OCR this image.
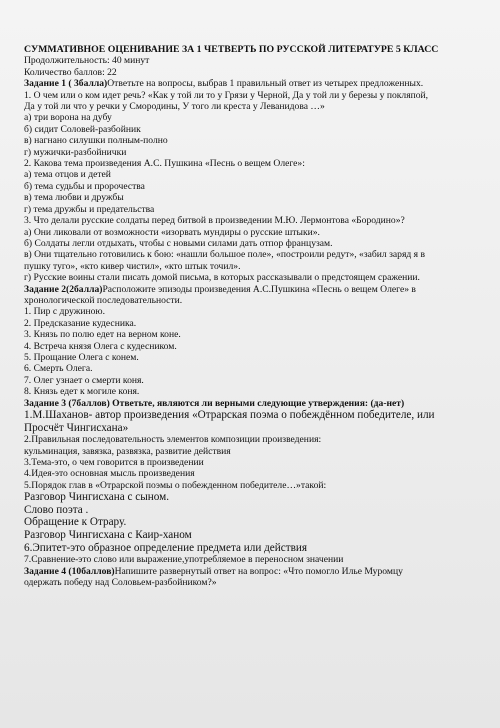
СУММАТИВНОЕ ОЦЕНИВАНИЕ ЗА 1 ЧЕТВЕРТЬ ПО РУССКОЙ ЛИТЕРАТУРЕ 5 КЛАСС
Продолжительность: 40 минут
Количество баллов: 22
Задание 1 ( 3балла)Ответьте на вопросы, выбрав 1 правильный ответ из четырех предложенных.
1. О чем или о ком идет речь? «Как у той ли то у Грязи у Черной, Да у той ли у березы у покляпой,
Да у той ли что у речки у Смородины, У того ли креста у Леванидова …»
а) три ворона на дубу
б) сидит Соловей-разбойник
в) нагнано силушки полным-полно
г) мужички-разбойнички
2. Какова тема произведения А.С. Пушкина «Песнь о вещем Олеге»:
а) тема отцов и детей
б) тема судьбы и пророчества
в) тема любви и дружбы
г) тема дружбы и предательства
3. Что делали русские солдаты перед битвой в произведении М.Ю. Лермонтова «Бородино»?
а) Они ликовали от возможности «изорвать мундиры о русские штыки».
б) Солдаты легли отдыхать, чтобы с новыми силами дать отпор французам.
в) Они тщательно готовились к бою: «нашли большое поле», «построили редут», «забил заряд я в
пушку туго», «кто кивер чистил», «кто штык точил».
г) Русские воины стали писать домой письма, в которых рассказывали о предстоящем сражении.
Задание 2(2балла)Расположите эпизоды произведения А.С.Пушкина «Песнь о вещем Олеге» в
хронологической последовательности.
1. Пир с дружиною.
2. Предсказание кудесника.
3. Князь по полю едет на верном коне.
4. Встреча князя Олега с кудесником.
5. Прощание Олега с конем.
6. Смерть Олега.
7. Олег узнает о смерти коня.
8. Князь едет к могиле коня.
Задание 3 (7баллов) Ответьте, являются ли верными следующие утверждения: (да-нет)
1.М.Шаханов- автор произведения «Отрарская поэма о побеждённом победителе, или
Просчёт Чингисхана»
2.Правильная последовательность элементов композиции произведения:
кульминация, завязка, развязка, развитие действия
3.Тема-это, о чем говорится в произведении
4.Идея-это основная мысль произведения
5.Порядок глав в «Отрарской поэмы о побежденном победителе…»такой:
Разговор Чингисхана с сыном.
Слово поэта .
Обращение к Отрару.
Разговор Чингисхана с Каир-ханом
6.Эпитет-это образное определение предмета или действия
7.Сравнение-это слово или выражение,употребляемое в переносном значении
Задание 4 (10баллов)Напишите развернутый ответ на вопрос: «Что помогло Илье Муромцу
одержать победу над Соловьем-разбойником?»
